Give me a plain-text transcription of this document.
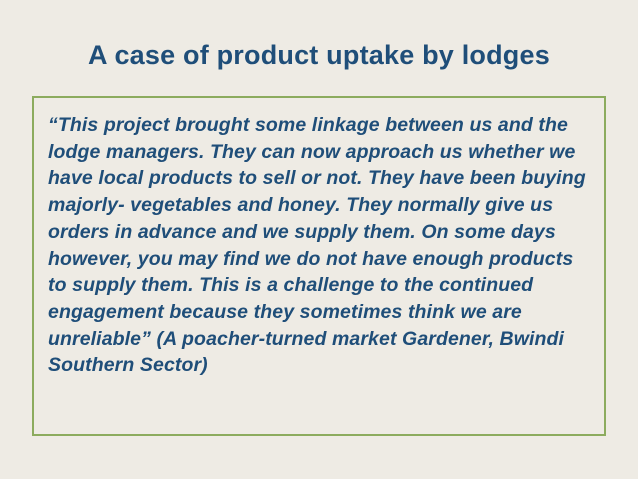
A case of product uptake by lodges

“This project brought some linkage between us and the lodge managers. They can now approach us whether we have local products to sell or not. They have been buying majorly- vegetables and honey. They normally give us orders in advance and we supply them. On some days however, you may find we do not have enough products to supply them. This is a challenge to the continued engagement because they sometimes think we are unreliable” (A poacher-turned market Gardener, Bwindi Southern Sector)
